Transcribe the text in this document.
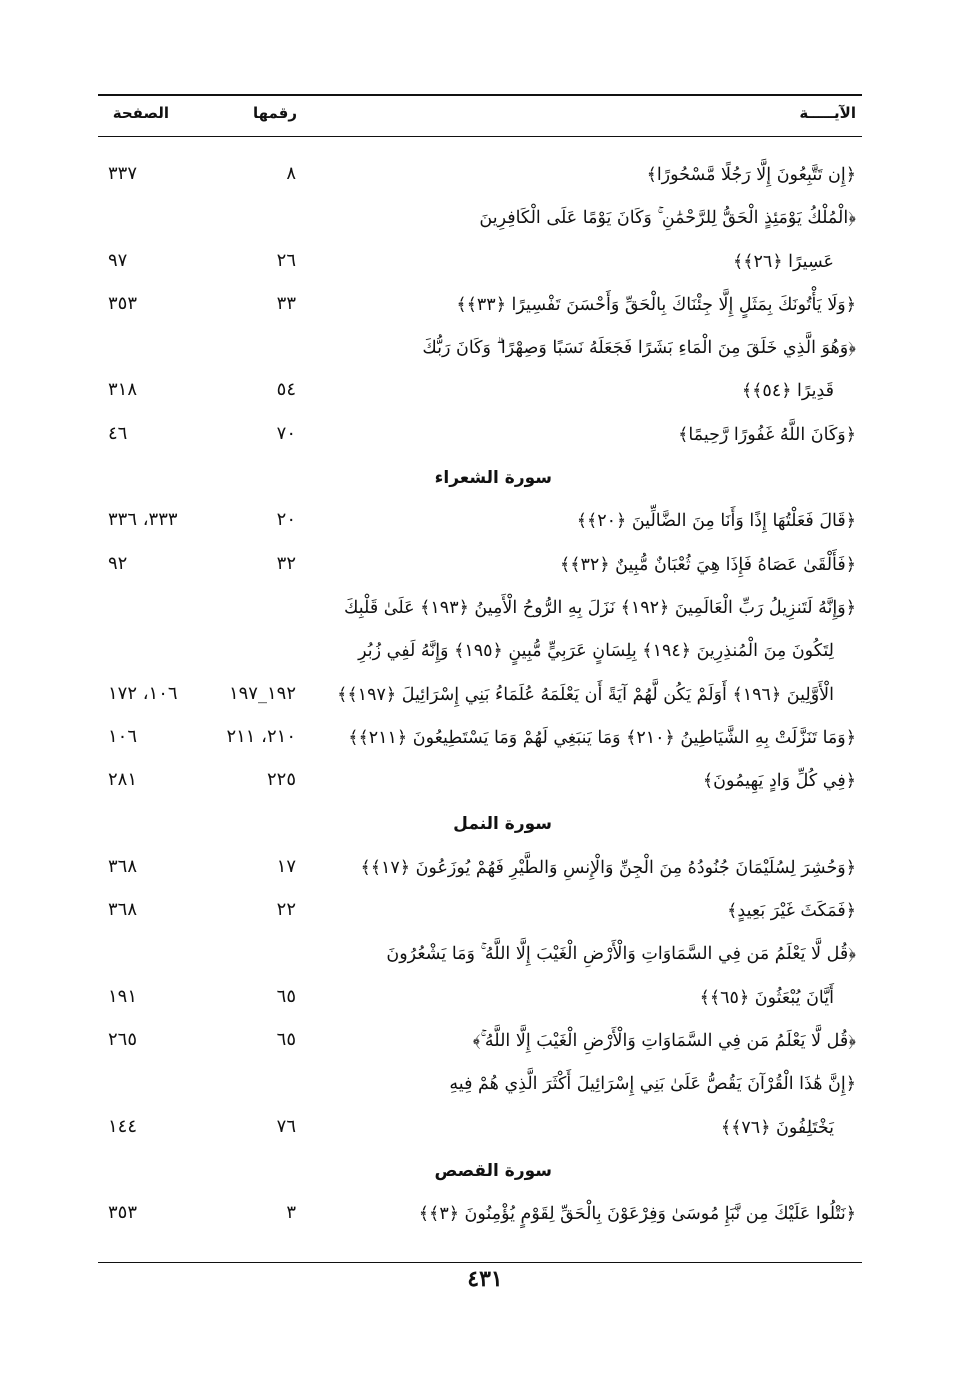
الآيـــــة
رقمها
الصفحة
﴿إِن تَتَّبِعُونَ إِلَّا رَجُلًا مَّسْحُورًا﴾
٨
٣٣٧
﴿الْمُلْكُ يَوْمَئِذٍ الْحَقُّ لِلرَّحْمَٰنِ ۚ وَكَانَ يَوْمًا عَلَى الْكَافِرِينَ
عَسِيرًا ﴿٢٦﴾﴾
٢٦
٩٧
﴿وَلَا يَأْتُونَكَ بِمَثَلٍ إِلَّا جِئْنَاكَ بِالْحَقِّ وَأَحْسَنَ تَفْسِيرًا ﴿٣٣﴾﴾
٣٣
٣٥٣
﴿وَهُوَ الَّذِي خَلَقَ مِنَ الْمَاءِ بَشَرًا فَجَعَلَهُ نَسَبًا وَصِهْرًا ۗ وَكَانَ رَبُّكَ
قَدِيرًا ﴿٥٤﴾﴾
٥٤
٣١٨
﴿وَكَانَ اللَّهُ غَفُورًا رَّحِيمًا﴾
٧٠
٤٦
سورة الشعراء
﴿قَالَ فَعَلْتُهَا إِذًا وَأَنَا مِنَ الضَّالِّينَ ﴿٢٠﴾﴾
٢٠
٣٣٣، ٣٣٦
﴿فَأَلْقَىٰ عَصَاهُ فَإِذَا هِيَ ثُعْبَانٌ مُّبِينٌ ﴿٣٢﴾﴾
٣٢
٩٢
﴿وَإِنَّهُ لَتَنزِيلُ رَبِّ الْعَالَمِينَ ﴿١٩٢﴾ نَزَلَ بِهِ الرُّوحُ الْأَمِينُ ﴿١٩٣﴾ عَلَىٰ قَلْبِكَ
لِتَكُونَ مِنَ الْمُنذِرِينَ ﴿١٩٤﴾ بِلِسَانٍ عَرَبِيٍّ مُّبِينٍ ﴿١٩٥﴾ وَإِنَّهُ لَفِي زُبُرِ
الْأَوَّلِينَ ﴿١٩٦﴾ أَوَلَمْ يَكُن لَّهُمْ آيَةً أَن يَعْلَمَهُ عُلَمَاءُ بَنِي إِسْرَائِيلَ ﴿١٩٧﴾﴾
١٩٢_١٩٧
١٠٦، ١٧٢
﴿وَمَا تَنَزَّلَتْ بِهِ الشَّيَاطِينُ ﴿٢١٠﴾ وَمَا يَنبَغِي لَهُمْ وَمَا يَسْتَطِيعُونَ ﴿٢١١﴾﴾
٢١٠، ٢١١
١٠٦
﴿فِي كُلِّ وَادٍ يَهِيمُونَ﴾
٢٢٥
٢٨١
سورة النمل
﴿وَحُشِرَ لِسُلَيْمَانَ جُنُودُهُ مِنَ الْجِنِّ وَالْإِنسِ وَالطَّيْرِ فَهُمْ يُوزَعُونَ ﴿١٧﴾﴾
١٧
٣٦٨
﴿فَمَكَثَ غَيْرَ بَعِيدٍ﴾
٢٢
٣٦٨
﴿قُل لَّا يَعْلَمُ مَن فِي السَّمَاوَاتِ وَالْأَرْضِ الْغَيْبَ إِلَّا اللَّهُ ۚ وَمَا يَشْعُرُونَ
أَيَّانَ يُبْعَثُونَ ﴿٦٥﴾﴾
٦٥
١٩١
﴿قُل لَّا يَعْلَمُ مَن فِي السَّمَاوَاتِ وَالْأَرْضِ الْغَيْبَ إِلَّا اللَّهُ ۚ﴾
٦٥
٢٦٥
﴿إِنَّ هَٰذَا الْقُرْآنَ يَقُصُّ عَلَىٰ بَنِي إِسْرَائِيلَ أَكْثَرَ الَّذِي هُمْ فِيهِ
يَخْتَلِفُونَ ﴿٧٦﴾﴾
٧٦
١٤٤
سورة القصص
﴿نَتْلُوا عَلَيْكَ مِن نَّبَإِ مُوسَىٰ وَفِرْعَوْنَ بِالْحَقِّ لِقَوْمٍ يُؤْمِنُونَ ﴿٣﴾﴾
٣
٣٥٣
٤٣١
